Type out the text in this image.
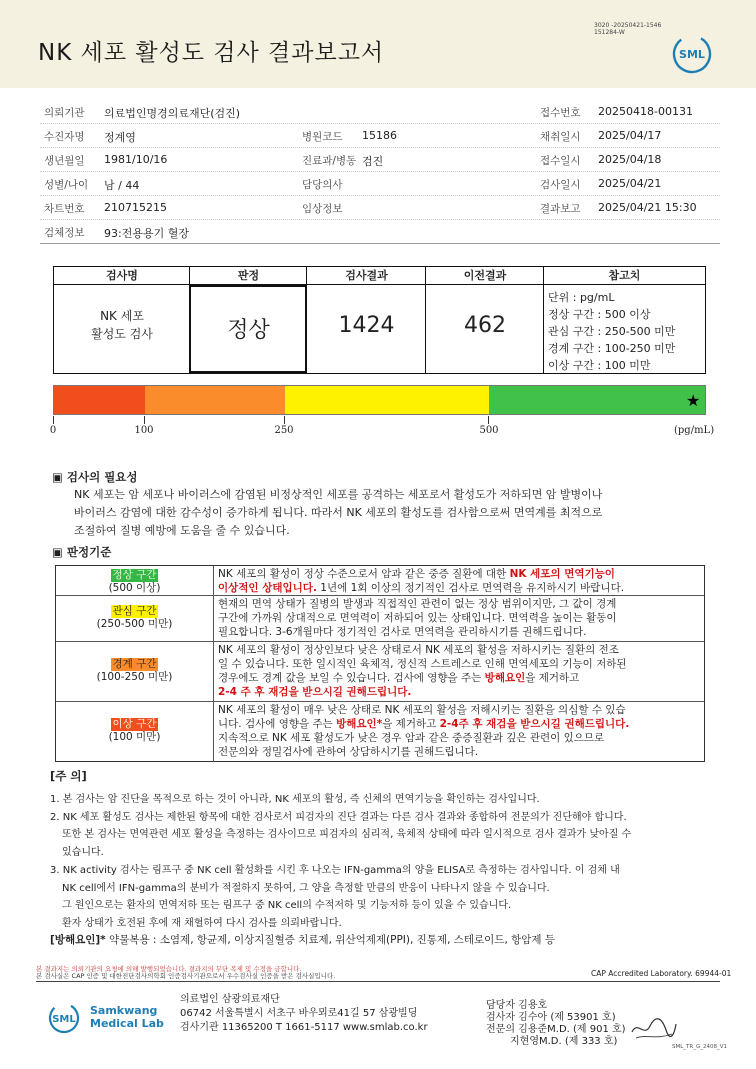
NK 세포 활성도 검사 결과보고서
3020 -20250421-1546
151284-W
SML
의뢰기관 의료법인명경의료재단(검진)	접수번호 20250418-00131
수진자명 정계영	병원코드 15186	채취일시 2025/04/17
생년월일 1981/10/16	진료과/병동 검진	접수일시 2025/04/18
성별/나이 남 / 44	담당의사	검사일시 2025/04/21
차트번호 210715215	임상정보	결과보고 2025/04/21 15:30
검체정보 93:전용용기 혈장
검사명	판정	검사결과	이전결과	참고치
NK 세포
활성도 검사	정상	1424	462
단위 : pg/mL
정상 구간 : 500 이상
관심 구간 : 250-500 미만
경계 구간 : 100-250 미만
이상 구간 : 100 미만
★
0	100	250	500	(pg/mL)
▣ 검사의 필요성
NK 세포는 암 세포나 바이러스에 감염된 비정상적인 세포를 공격하는 세포로서 활성도가 저하되면 암 발병이나
바이러스 감염에 대한 감수성이 증가하게 됩니다. 따라서 NK 세포의 활성도를 검사함으로써 면역계를 최적으로
조절하여 질병 예방에 도움을 줄 수 있습니다.
▣ 판정기준
정상 구간
(500 이상)
NK 세포의 활성이 정상 수준으로서 암과 같은 중증 질환에 대한 NK 세포의 면역기능이
이상적인 상태입니다. 1년에 1회 이상의 정기적인 검사로 면역력을 유지하시기 바랍니다.
관심 구간
(250-500 미만)
현재의 면역 상태가 질병의 발생과 직접적인 관련이 없는 정상 범위이지만, 그 값이 경계
구간에 가까워 상대적으로 면역력이 저하되어 있는 상태입니다. 면역력을 높이는 활동이
필요합니다. 3-6개월마다 정기적인 검사로 면역력을 관리하시기를 권해드립니다.
경계 구간
(100-250 미만)
NK 세포의 활성이 정상인보다 낮은 상태로서 NK 세포의 활성을 저하시키는 질환의 전조
일 수 있습니다. 또한 일시적인 육체적, 정신적 스트레스로 인해 면역세포의 기능이 저하된
경우에도 경계 값을 보일 수 있습니다. 검사에 영향을 주는 방해요인을 제거하고
2-4 주 후 재검을 받으시길 권해드립니다.
이상 구간
(100 미만)
NK 세포의 활성이 매우 낮은 상태로 NK 세포의 활성을 저해시키는 질환을 의심할 수 있습
니다. 검사에 영향을 주는 방해요인*을 제거하고 2-4주 후 재검을 받으시길 권해드립니다.
지속적으로 NK 세포 활성도가 낮은 경우 암과 같은 중증질환과 깊은 관련이 있으므로
전문의와 정밀검사에 관하여 상담하시기를 권해드립니다.
[주 의]
1. 본 검사는 암 진단을 목적으로 하는 것이 아니라, NK 세포의 활성, 즉 신체의 면역기능을 확인하는 검사입니다.
2. NK 세포 활성도 검사는 제한된 항목에 대한 검사로서 피검자의 진단 결과는 다른 검사 결과와 종합하여 전문의가 진단해야 합니다.
또한 본 검사는 면역관련 세포 활성을 측정하는 검사이므로 피검자의 심리적, 육체적 상태에 따라 일시적으로 검사 결과가 낮아질 수
있습니다.
3. NK activity 검사는 림프구 중 NK cell 활성화를 시킨 후 나오는 IFN-gamma의 양을 ELISA로 측정하는 검사입니다. 이 검체 내
NK cell에서 IFN-gamma의 분비가 적절하지 못하여, 그 양을 측정할 만큼의 반응이 나타나지 않을 수 있습니다.
그 원인으로는 환자의 면역저하 또는 림프구 중 NK cell의 수적저하 및 기능저하 등이 있을 수 있습니다.
환자 상태가 호전된 후에 재 채혈하여 다시 검사를 의뢰바랍니다.
[방해요인]* 약물복용 : 소염제, 항균제, 이상지질혈증 치료제, 위산억제제(PPI), 진통제, 스테로이드, 항암제 등
본 결과지는 의뢰기관의 요청에 의해 발행되었습니다. 결과지의 무단 복제 및 수정을 금합니다.
본 검사실은 CAP 인증 및 대한진단검사의학회 인증검사기관으로서 우수검사실 인증을 받은 검사실입니다.	CAP Accredited Laboratory. 69944-01
SML
Samkwang
Medical Lab
의료법인 삼광의료재단
06742 서울특별시 서초구 바우뫼로41길 57 삼광빌딩
검사기관 11365200 T 1661-5117 www.smlab.co.kr
담당자 김용호
검사자 김수아 (제 53901 호)
전문의 김용준M.D. (제 901 호)
지현영M.D. (제 333 호)	SML_TR_G_2408_V1
